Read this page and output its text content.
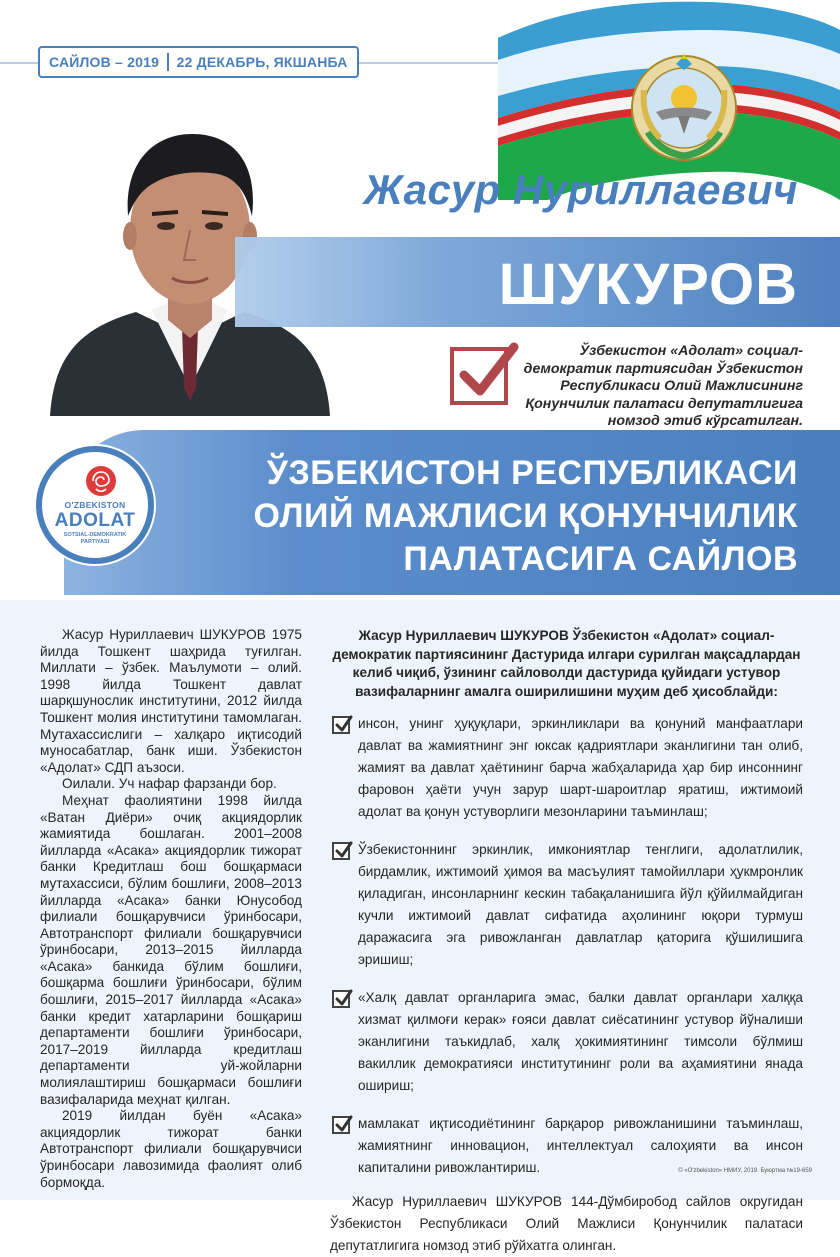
САЙЛОВ – 2019 22 ДЕКАБРЬ, ЯКШАНБА
Жасур Нуриллаевич
ШУКУРОВ
Ўзбекистон «Адолат» социал-демократик партиясидан Ўзбекистон Республикаси Олий Мажлисининг Қонунчилик палатаси депутатлигига номзод этиб кўрсатилган.
ЎЗБЕКИСТОН РЕСПУБЛИКАСИ ОЛИЙ МАЖЛИСИ ҚОНУНЧИЛИК ПАЛАТАСИГА САЙЛОВ
O'ZBEKISTON
ADOLAT
SOTSIAL-DEMOKRATIK PARTIYASI

Жасур Нуриллаевич ШУКУРОВ 1975 йилда Тошкент шаҳрида туғилган. Миллати – ўзбек. Маълумоти – олий. 1998 йилда Тошкент давлат шарқшунослик институтини, 2012 йилда Тошкент молия институтини тамомлаган. Мутахассислиги – халқаро иқтисодий муносабатлар, банк иши. Ўзбекистон «Адолат» СДП аъзоси.

Оилали. Уч нафар фарзанди бор.

Меҳнат фаолиятини 1998 йилда «Ватан Диёри» очиқ акциядорлик жамиятида бошлаган. 2001–2008 йилларда «Асака» акциядорлик тижорат банки Кредитлаш бош бошқармаси мутахассиси, бўлим бошлиғи, 2008–2013 йилларда «Асака» банки Юнусобод филиали бошқарувчиси ўринбосари, Автотранспорт филиали бошқарувчиси ўринбосари, 2013–2015 йилларда «Асака» банкида бўлим бошлиғи, бошқарма бошлиғи ўринбосари, бўлим бошлиғи, 2015–2017 йилларда «Асака» банки кредит хатарларини бошқариш департаменти бошлиғи ўринбосари, 2017–2019 йилларда кредитлаш департаменти уй-жойларни молиялаштириш бошқармаси бошлиғи вазифаларида меҳнат қилган.

2019 йилдан буён «Асака» акциядорлик тижорат банки Автотранспорт филиали бошқарувчиси ўринбосари лавозимида фаолият олиб бормоқда.

Жасур Нуриллаевич ШУКУРОВ Ўзбекистон «Адолат» социал-демократик партиясининг Дастурида илгари сурилган мақсадлардан келиб чиқиб, ўзининг сайловолди дастурида қуйидаги устувор вазифаларнинг амалга оширилишини муҳим деб ҳисоблайди:
инсон, унинг ҳуқуқлари, эркинликлари ва қонуний манфаатлари давлат ва жамиятнинг энг юксак қадриятлари эканлигини тан олиб, жамият ва давлат ҳаётининг барча жабҳаларида ҳар бир инсоннинг фаровон ҳаёти учун зарур шарт-шароитлар яратиш, ижтимоий адолат ва қонун устуворлиги мезонларини таъминлаш;
Ўзбекистоннинг эркинлик, имкониятлар тенглиги, адолатлилик, бирдамлик, ижтимоий ҳимоя ва масъулият тамойиллари ҳукмронлик қиладиган, инсонларнинг кескин табақаланишига йўл қўйилмайдиган кучли ижтимоий давлат сифатида аҳолининг юқори турмуш даражасига эга ривожланган давлатлар қаторига қўшилишига эришиш;
«Халқ давлат органларига эмас, балки давлат органлари халққа хизмат қилмоғи керак» ғояси давлат сиёсатининг устувор йўналиши эканлигини таъкидлаб, халқ ҳокимиятининг тимсоли бўлмиш вакиллик демократияси институтининг роли ва аҳамиятини янада ошириш;
мамлакат иқтисодиётининг барқарор ривожланишини таъминлаш, жамиятнинг инновацион, интеллектуал салоҳияти ва инсон капиталини ривожлантириш.
Жасур Нуриллаевич ШУКУРОВ 144-Дўмбиробод сайлов округидан Ўзбекистон Республикаси Олий Мажлиси Қонунчилик палатаси депутатлигига номзод этиб рўйхатга олинган.
© «O'zbekiston» НМИУ, 2019. Буюртма №19-659
